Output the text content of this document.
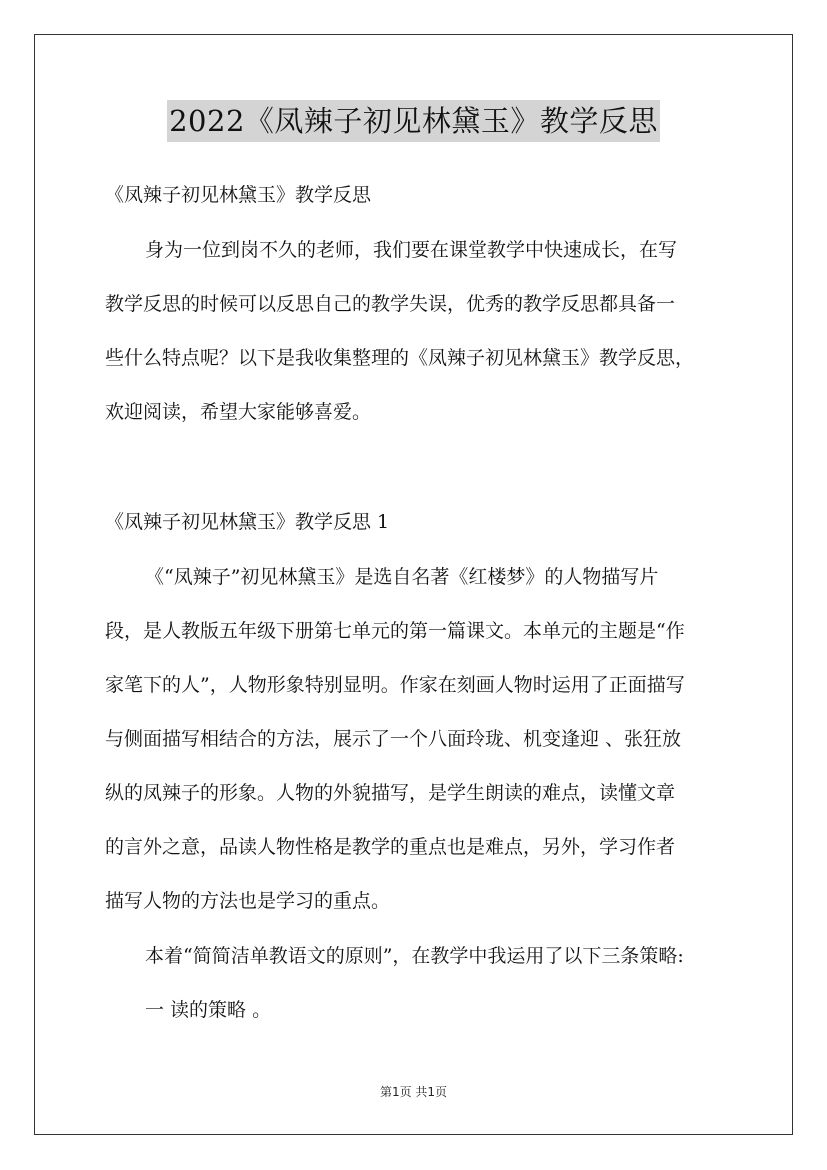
2022《凤辣子初见林黛玉》教学反思
《凤辣子初见林黛玉》教学反思
身为一位到岗不久的老师，我们要在课堂教学中快速成长，在写
教学反思的时候可以反思自己的教学失误，优秀的教学反思都具备一
些什么特点呢？以下是我收集整理的《凤辣子初见林黛玉》教学反思，
欢迎阅读，希望大家能够喜爱。
《凤辣子初见林黛玉》教学反思 1
《“凤辣子”初见林黛玉》是选自名著《红楼梦》的人物描写片
段，是人教版五年级下册第七单元的第一篇课文。本单元的主题是“作
家笔下的人”，人物形象特别显明。作家在刻画人物时运用了正面描写
与侧面描写相结合的方法，展示了一个八面玲珑、机变逢迎 、张狂放
纵的凤辣子的形象。人物的外貌描写，是学生朗读的难点，读懂文章
的言外之意，品读人物性格是教学的重点也是难点，另外，学习作者
描写人物的方法也是学习的重点。
本着“简简洁单教语文的原则”，在教学中我运用了以下三条策略:
一 读的策略 。
第1页 共1页
